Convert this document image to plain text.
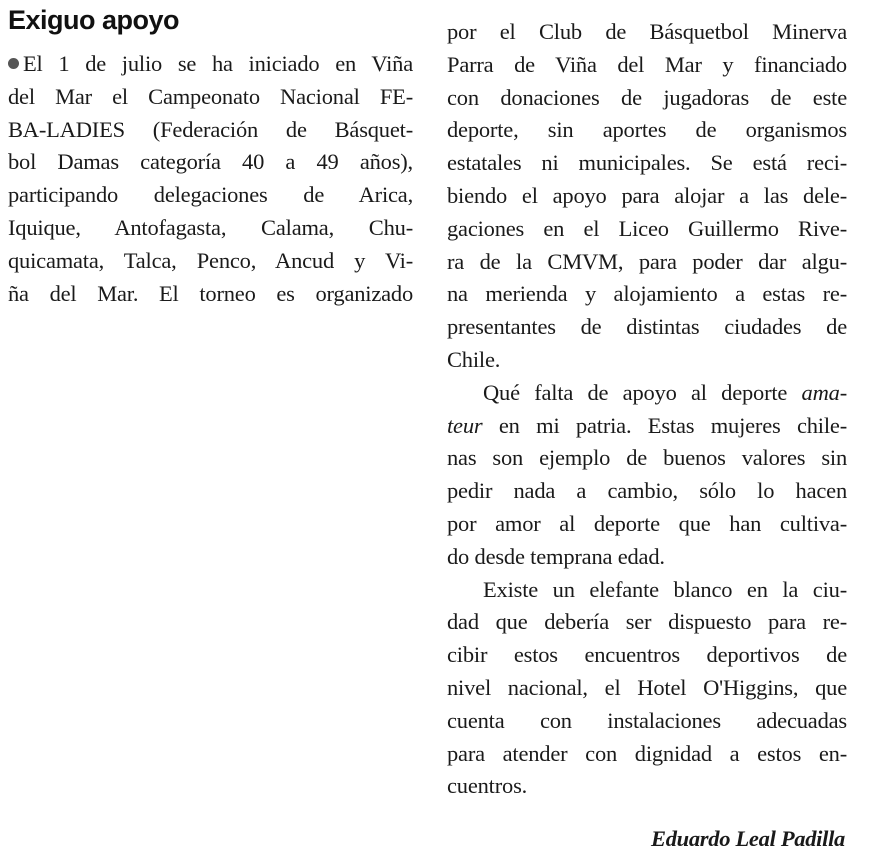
Exiguo apoyo
El 1 de julio se ha iniciado en Viña
del Mar el Campeonato Nacional FE-
BA-LADIES (Federación de Básquet-
bol Damas categoría 40 a 49 años),
participando delegaciones de Arica,
Iquique, Antofagasta, Calama, Chu-
quicamata, Talca, Penco, Ancud y Vi-
ña del Mar. El torneo es organizado
por el Club de Básquetbol Minerva
Parra de Viña del Mar y financiado
con donaciones de jugadoras de este
deporte, sin aportes de organismos
estatales ni municipales. Se está reci-
biendo el apoyo para alojar a las dele-
gaciones en el Liceo Guillermo Rive-
ra de la CMVM, para poder dar algu-
na merienda y alojamiento a estas re-
presentantes de distintas ciudades de
Chile.
Qué falta de apoyo al deporte ama-
teur en mi patria. Estas mujeres chile-
nas son ejemplo de buenos valores sin
pedir nada a cambio, sólo lo hacen
por amor al deporte que han cultiva-
do desde temprana edad.
Existe un elefante blanco en la ciu-
dad que debería ser dispuesto para re-
cibir estos encuentros deportivos de
nivel nacional, el Hotel O'Higgins, que
cuenta con instalaciones adecuadas
para atender con dignidad a estos en-
cuentros.
Eduardo Leal Padilla
